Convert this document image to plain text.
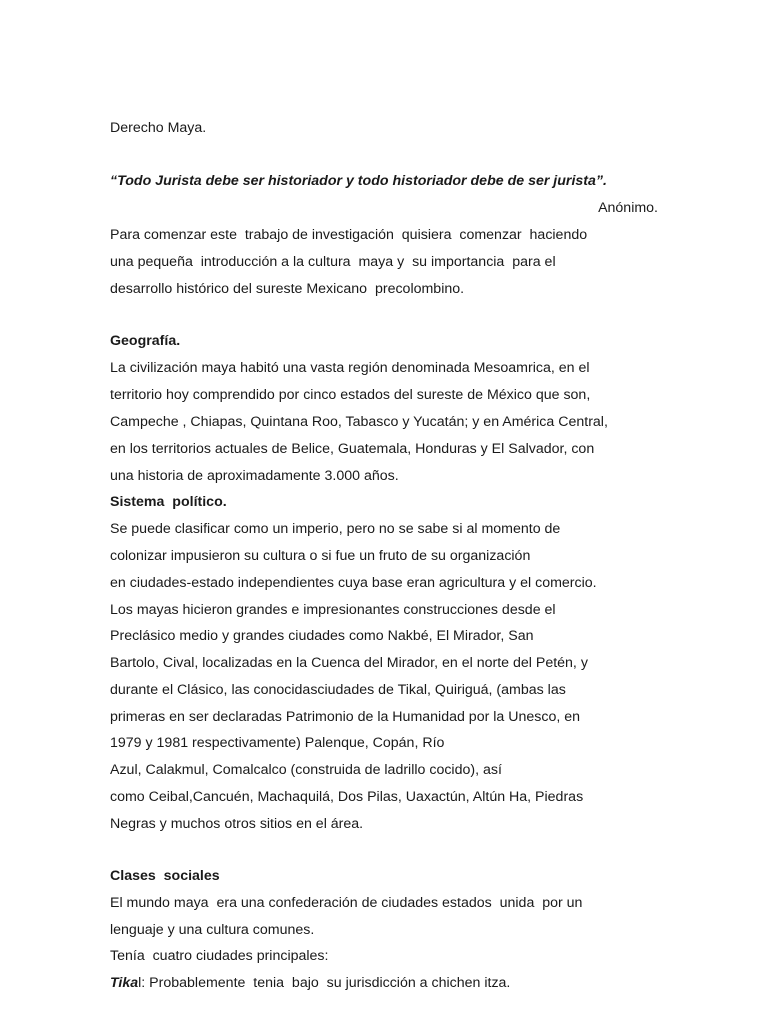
Derecho Maya.
“Todo Jurista debe ser historiador y todo historiador debe de ser jurista”.
Anónimo.
Para comenzar este  trabajo de investigación  quisiera  comenzar  haciendo
una pequeña  introducción a la cultura  maya y  su importancia  para el
desarrollo histórico del sureste Mexicano  precolombino.
Geografía.
La civilización maya habitó una vasta región denominada Mesoamrica, en el
territorio hoy comprendido por cinco estados del sureste de México que son,
Campeche , Chiapas, Quintana Roo, Tabasco y Yucatán; y en América Central,
en los territorios actuales de Belice, Guatemala, Honduras y El Salvador, con
una historia de aproximadamente 3.000 años.
Sistema  político.
Se puede clasificar como un imperio, pero no se sabe si al momento de
colonizar impusieron su cultura o si fue un fruto de su organización
en ciudades-estado independientes cuya base eran agricultura y el comercio.
Los mayas hicieron grandes e impresionantes construcciones desde el
Preclásico medio y grandes ciudades como Nakbé, El Mirador, San
Bartolo, Cival, localizadas en la Cuenca del Mirador, en el norte del Petén, y
durante el Clásico, las conocidasciudades de Tikal, Quiriguá, (ambas las
primeras en ser declaradas Patrimonio de la Humanidad por la Unesco, en
1979 y 1981 respectivamente) Palenque, Copán, Río
Azul, Calakmul, Comalcalco (construida de ladrillo cocido), así
como Ceibal,Cancuén, Machaquilá, Dos Pilas, Uaxactún, Altún Ha, Piedras
Negras y muchos otros sitios en el área.
Clases  sociales
El mundo maya  era una confederación de ciudades estados  unida  por un
lenguaje y una cultura comunes.
Tenía  cuatro ciudades principales:
Tikal: Probablemente  tenia  bajo  su jurisdicción a chichen itza.
